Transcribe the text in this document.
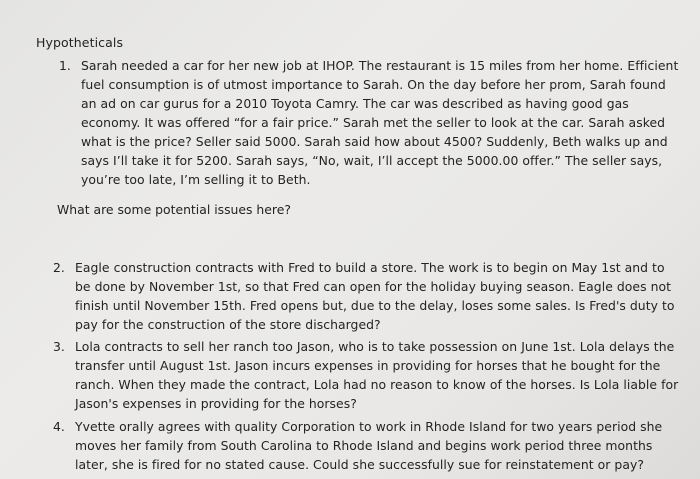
Hypotheticals
1. Sarah needed a car for her new job at IHOP. The restaurant is 15 miles from her home. Efficient
fuel consumption is of utmost importance to Sarah. On the day before her prom, Sarah found
an ad on car gurus for a 2010 Toyota Camry. The car was described as having good gas
economy. It was offered “for a fair price.” Sarah met the seller to look at the car. Sarah asked
what is the price? Seller said 5000. Sarah said how about 4500? Suddenly, Beth walks up and
says I’ll take it for 5200. Sarah says, “No, wait, I’ll accept the 5000.00 offer.” The seller says,
you’re too late, I’m selling it to Beth.
What are some potential issues here?
2. Eagle construction contracts with Fred to build a store. The work is to begin on May 1st and to
be done by November 1st, so that Fred can open for the holiday buying season. Eagle does not
finish until November 15th. Fred opens but, due to the delay, loses some sales. Is Fred's duty to
pay for the construction of the store discharged?
3. Lola contracts to sell her ranch too Jason, who is to take possession on June 1st. Lola delays the
transfer until August 1st. Jason incurs expenses in providing for horses that he bought for the
ranch. When they made the contract, Lola had no reason to know of the horses. Is Lola liable for
Jason's expenses in providing for the horses?
4. Yvette orally agrees with quality Corporation to work in Rhode Island for two years period she
moves her family from South Carolina to Rhode Island and begins work period three months
later, she is fired for no stated cause. Could she successfully sue for reinstatement or pay?
